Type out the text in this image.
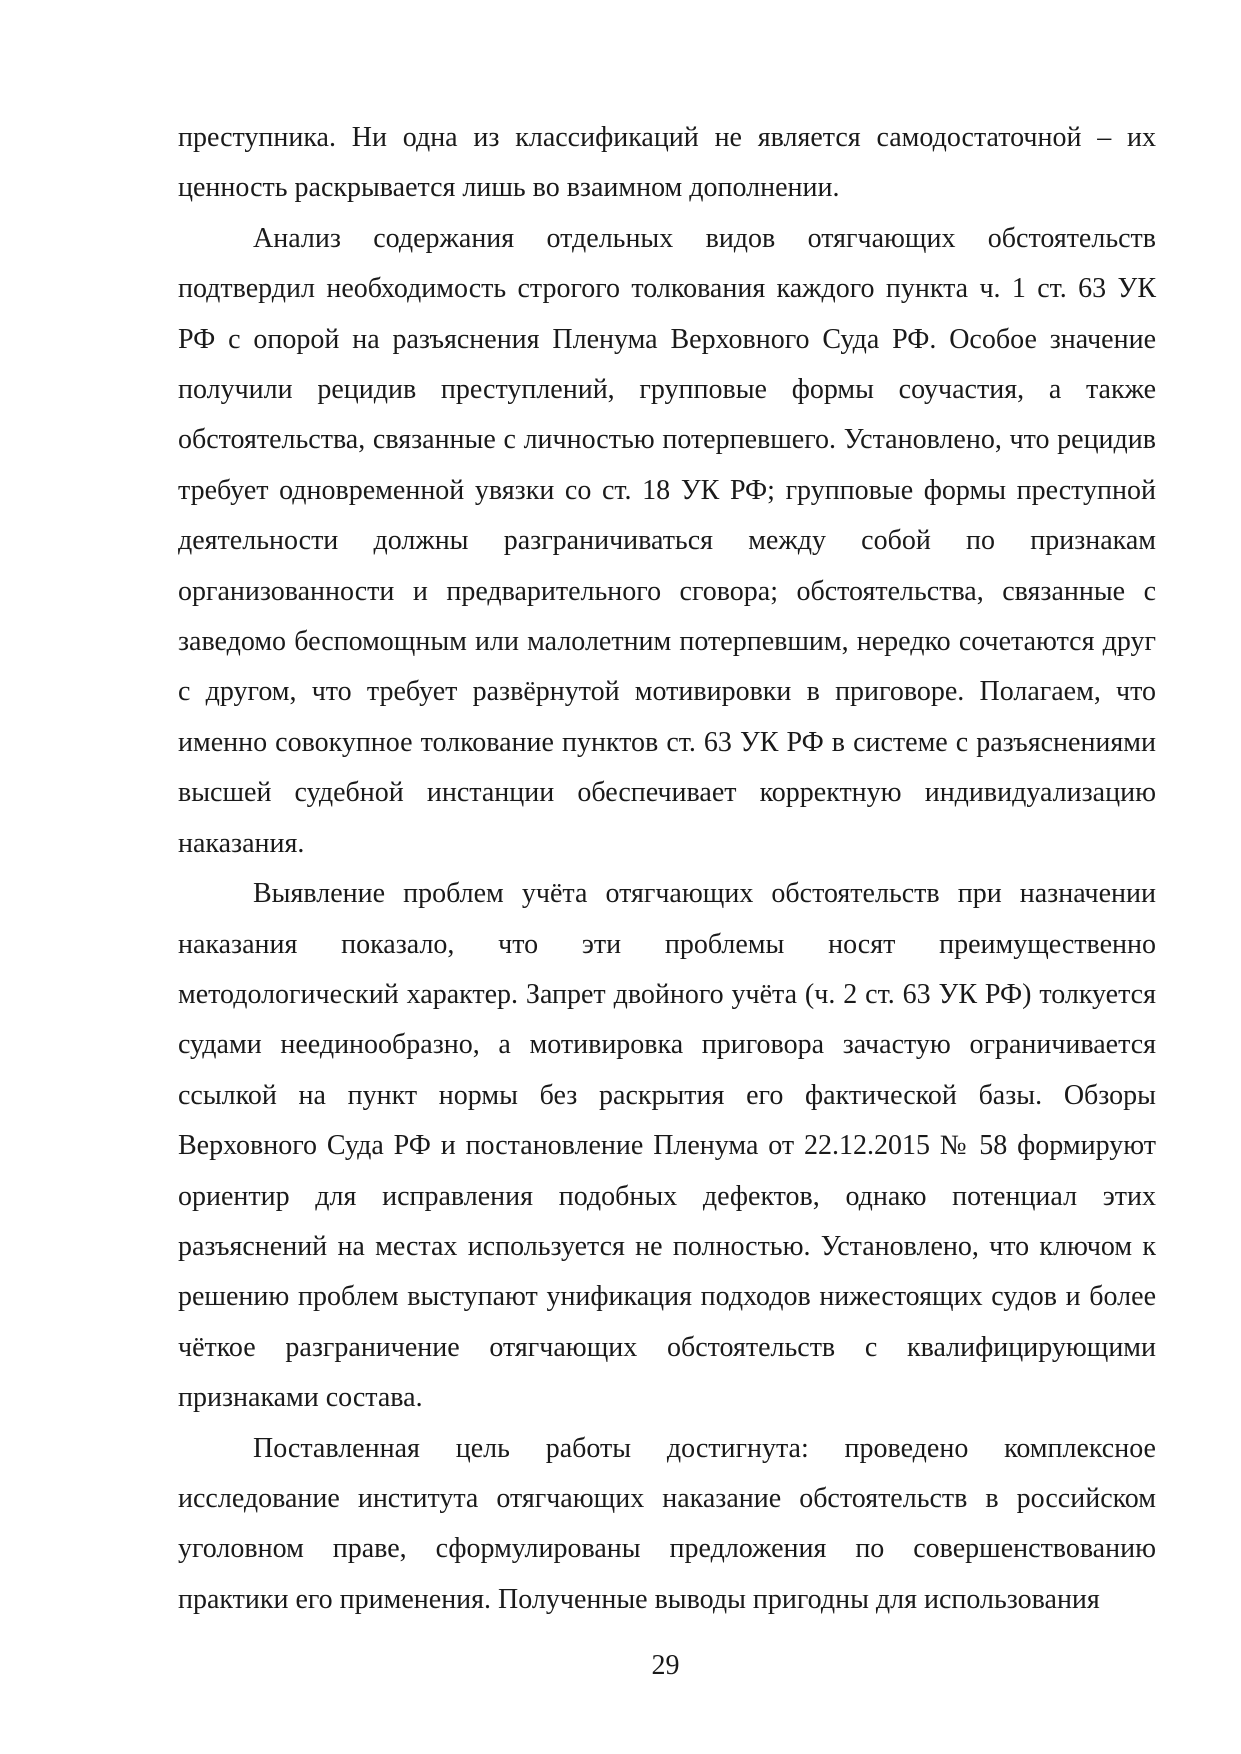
преступника. Ни одна из классификаций не является самодостаточной – их ценность раскрывается лишь во взаимном дополнении.

Анализ содержания отдельных видов отягчающих обстоятельств подтвердил необходимость строгого толкования каждого пункта ч. 1 ст. 63 УК РФ с опорой на разъяснения Пленума Верховного Суда РФ. Особое значение получили рецидив преступлений, групповые формы соучастия, а также обстоятельства, связанные с личностью потерпевшего. Установлено, что рецидив требует одновременной увязки со ст. 18 УК РФ; групповые формы преступной деятельности должны разграничиваться между собой по признакам организованности и предварительного сговора; обстоятельства, связанные с заведомо беспомощным или малолетним потерпевшим, нередко сочетаются друг с другом, что требует развёрнутой мотивировки в приговоре. Полагаем, что именно совокупное толкование пунктов ст. 63 УК РФ в системе с разъяснениями высшей судебной инстанции обеспечивает корректную индивидуализацию наказания.

Выявление проблем учёта отягчающих обстоятельств при назначении наказания показало, что эти проблемы носят преимущественно методологический характер. Запрет двойного учёта (ч. 2 ст. 63 УК РФ) толкуется судами неединообразно, а мотивировка приговора зачастую ограничивается ссылкой на пункт нормы без раскрытия его фактической базы. Обзоры Верховного Суда РФ и постановление Пленума от 22.12.2015 № 58 формируют ориентир для исправления подобных дефектов, однако потенциал этих разъяснений на местах используется не полностью. Установлено, что ключом к решению проблем выступают унификация подходов нижестоящих судов и более чёткое разграничение отягчающих обстоятельств с квалифицирующими признаками состава.

Поставленная цель работы достигнута: проведено комплексное исследование института отягчающих наказание обстоятельств в российском уголовном праве, сформулированы предложения по совершенствованию практики его применения. Полученные выводы пригодны для использования

29
